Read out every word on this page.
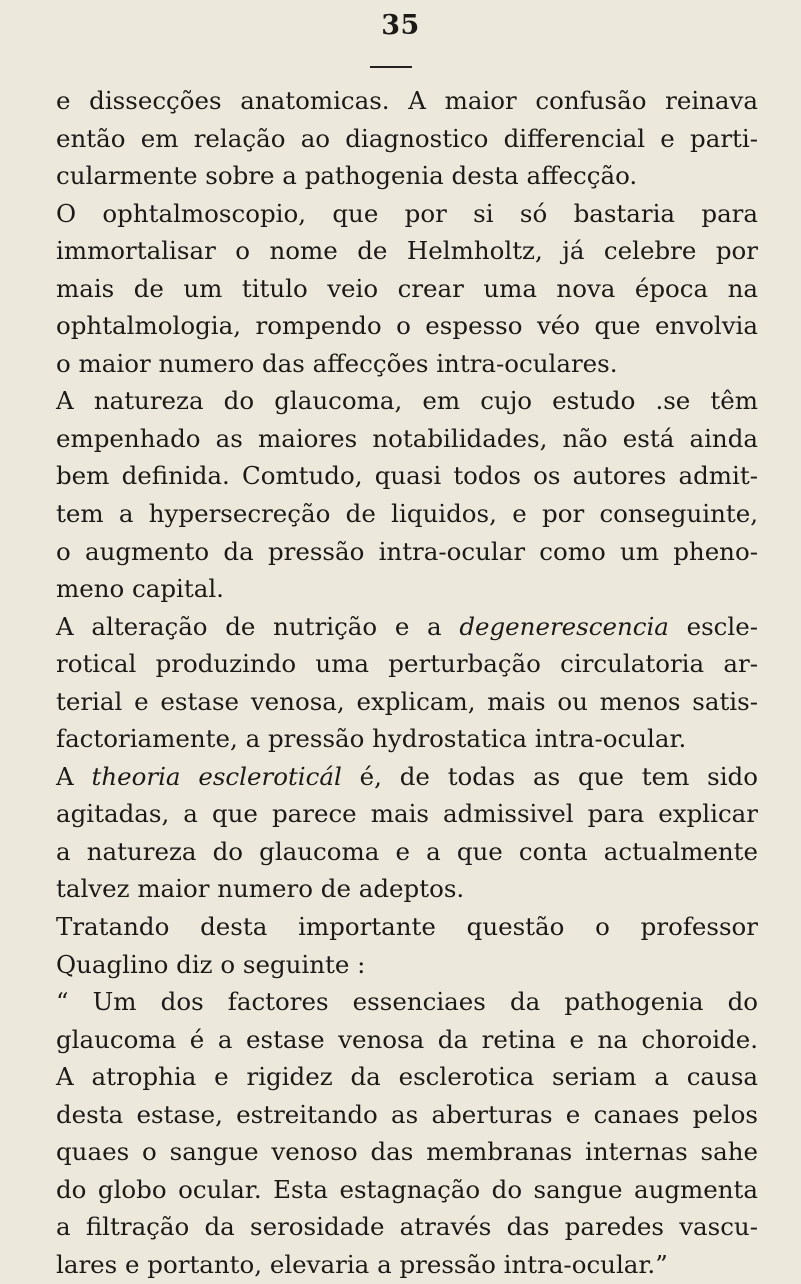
35
e dissecções anatomicas. A maior confusão reinava
então em relação ao diagnostico differencial e parti-
cularmente sobre a pathogenia desta affecção.
O ophtalmoscopio, que por si só bastaria para
immortalisar o nome de Helmholtz, já celebre por
mais de um titulo veio crear uma nova época na
ophtalmologia, rompendo o espesso véo que envolvia
o maior numero das affecções intra-oculares.
A natureza do glaucoma, em cujo estudo .se têm
empenhado as maiores notabilidades, não está ainda
bem definida. Comtudo, quasi todos os autores admit-
tem a hypersecreção de liquidos, e por conseguinte,
o augmento da pressão intra-ocular como um pheno-
meno capital.
A alteração de nutrição e a degenerescencia escle-
rotical produzindo uma perturbação circulatoria ar-
terial e estase venosa, explicam, mais ou menos satis-
factoriamente, a pressão hydrostatica intra-ocular.
A theoria escleroticál é, de todas as que tem sido
agitadas, a que parece mais admissivel para explicar
a natureza do glaucoma e a que conta actualmente
talvez maior numero de adeptos.
Tratando desta importante questão o professor
Quaglino diz o seguinte :
“ Um dos factores essenciaes da pathogenia do
glaucoma é a estase venosa da retina e na choroide.
A atrophia e rigidez da esclerotica seriam a causa
desta estase, estreitando as aberturas e canaes pelos
quaes o sangue venoso das membranas internas sahe
do globo ocular. Esta estagnação do sangue augmenta
a filtração da serosidade através das paredes vascu-
lares e portanto, elevaria a pressão intra-ocular.”
